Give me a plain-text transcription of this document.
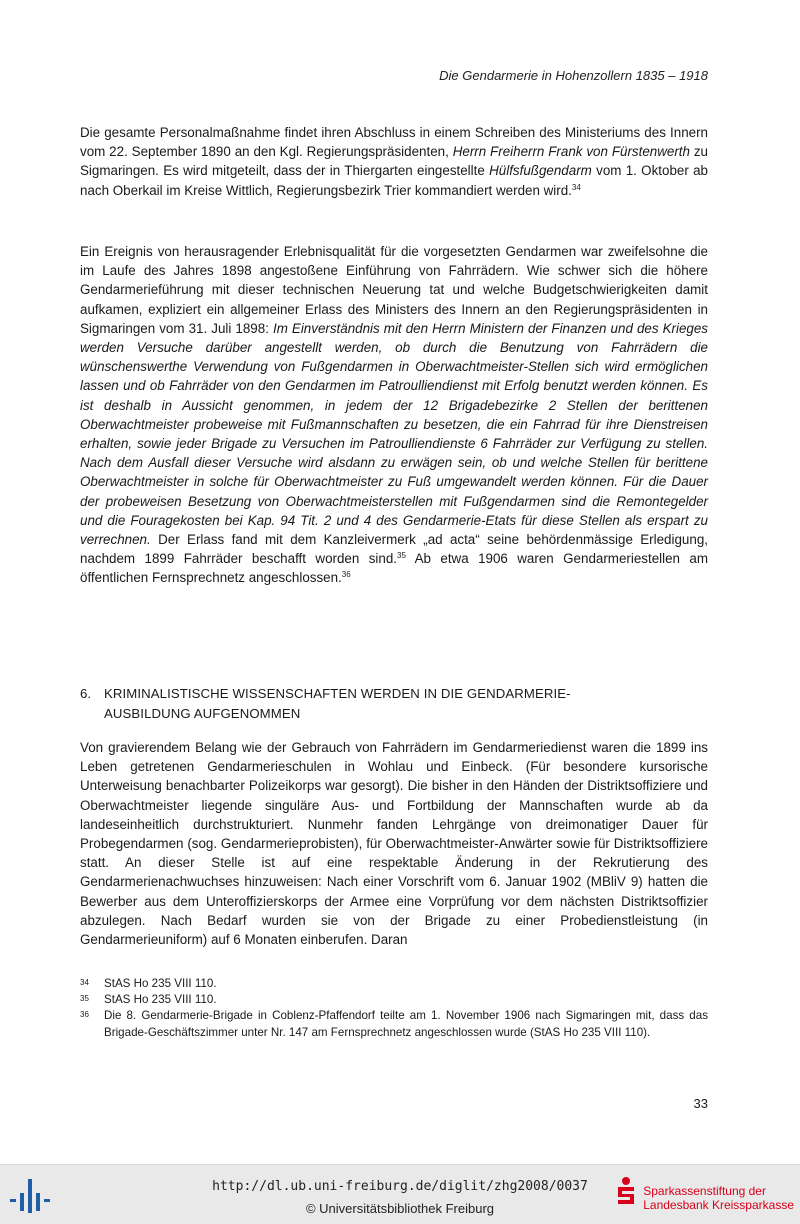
Die Gendarmerie in Hohenzollern 1835 – 1918
Die gesamte Personalmaßnahme findet ihren Abschluss in einem Schreiben des Ministeriums des Innern vom 22. September 1890 an den Kgl. Regierungspräsidenten, Herrn Freiherrn Frank von Fürstenwerth zu Sigmaringen. Es wird mitgeteilt, dass der in Thiergarten eingestellte Hülfsfußgendarm vom 1. Oktober ab nach Oberkail im Kreise Wittlich, Regierungsbezirk Trier kommandiert werden wird.$^{34}$
Ein Ereignis von herausragender Erlebnisqualität für die vorgesetzten Gendarmen war zweifelsohne die im Laufe des Jahres 1898 angestoßene Einführung von Fahrrädern. Wie schwer sich die höhere Gendarmerieführung mit dieser technischen Neuerung tat und welche Budgetschwierigkeiten damit aufkamen, expliziert ein allgemeiner Erlass des Ministers des Innern an den Regierungspräsidenten in Sigmaringen vom 31. Juli 1898: Im Einverständnis mit den Herrn Ministern der Finanzen und des Krieges werden Versuche darüber angestellt werden, ob durch die Benutzung von Fahrrädern die wünschenswerthe Verwendung von Fußgendarmen in Oberwachtmeister-Stellen sich wird ermöglichen lassen und ob Fahrräder von den Gendarmen im Patroulliendienst mit Erfolg benutzt werden können. Es ist deshalb in Aussicht genommen, in jedem der 12 Brigadebezirke 2 Stellen der berittenen Oberwachtmeister probeweise mit Fußmannschaften zu besetzen, die ein Fahrrad für ihre Dienstreisen erhalten, sowie jeder Brigade zu Versuchen im Patroulliendienste 6 Fahrräder zur Verfügung zu stellen. Nach dem Ausfall dieser Versuche wird alsdann zu erwägen sein, ob und welche Stellen für berittene Oberwachtmeister in solche für Oberwachtmeister zu Fuß umgewandelt werden können. Für die Dauer der probeweisen Besetzung von Oberwachtmeisterstellen mit Fußgendarmen sind die Remontegelder und die Fouragekosten bei Kap. 94 Tit. 2 und 4 des Gendarmerie-Etats für diese Stellen als erspart zu verrechnen. Der Erlass fand mit dem Kanzleivermerk „ad acta“ seine behördenmässige Erledigung, nachdem 1899 Fahrräder beschafft worden sind.$^{35}$ Ab etwa 1906 waren Gendarmeriestellen am öffentlichen Fernsprechnetz angeschlossen.$^{36}$
6. KRIMINALISTISCHE WISSENSCHAFTEN WERDEN IN DIE GENDARMERIE-
AUSBILDUNG AUFGENOMMEN
Von gravierendem Belang wie der Gebrauch von Fahrrädern im Gendarmeriedienst waren die 1899 ins Leben getretenen Gendarmerieschulen in Wohlau und Einbeck. (Für besondere kursorische Unterweisung benachbarter Polizeikorps war gesorgt). Die bisher in den Händen der Distriktsoffiziere und Oberwachtmeister liegende singuläre Aus- und Fortbildung der Mannschaften wurde ab da landeseinheitlich durchstrukturiert. Nunmehr fanden Lehrgänge von dreimonatiger Dauer für Probegendarmen (sog. Gendarmerieprobisten), für Oberwachtmeister-Anwärter sowie für Distriktsoffiziere statt. An dieser Stelle ist auf eine respektable Änderung in der Rekrutierung des Gendarmerienachwuchses hinzuweisen: Nach einer Vorschrift vom 6. Januar 1902 (MBliV 9) hatten die Bewerber aus dem Unteroffizierskorps der Armee eine Vorprüfung vor dem nächsten Distriktsoffizier abzulegen. Nach Bedarf wurden sie von der Brigade zu einer Probedienstleistung (in Gendarmerieuniform) auf 6 Monaten einberufen. Daran
34	StAS Ho 235 VIII 110.
35	StAS Ho 235 VIII 110.
36	Die 8. Gendarmerie-Brigade in Coblenz-Pfaffendorf teilte am 1. November 1906 nach Sigmaringen mit, dass das Brigade-Geschäftszimmer unter Nr. 147 am Fernsprechnetz angeschlossen wurde (StAS Ho 235 VIII 110).
33
http://dl.ub.uni-freiburg.de/diglit/zhg2008/0037
© Universitätsbibliothek Freiburg
Sparkassenstiftung der
Landesbank Kreissparkasse
